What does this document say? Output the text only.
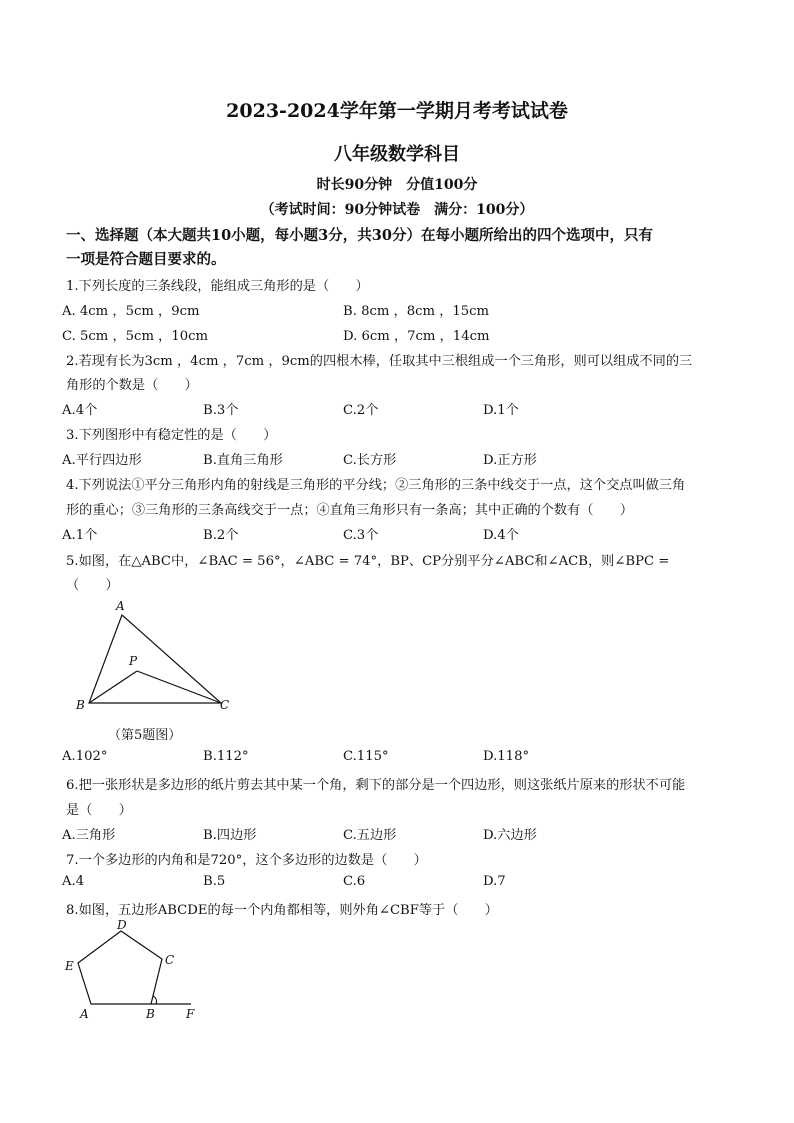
2023-2024学年第一学期月考考试试卷
八年级数学科目
时长90分钟　分值100分
（考试时间：90分钟试卷　满分：100分）
一、选择题（本大题共10小题，每小题3分，共30分）在每小题所给出的四个选项中，只有
一项是符合题目要求的。
1.下列长度的三条线段，能组成三角形的是（　　）
A. 4cm ，5cm ，9cm	B. 8cm ，8cm ，15cm
C. 5cm ，5cm ，10cm	D. 6cm ，7cm ，14cm
2.若现有长为3cm ，4cm ，7cm ，9cm的四根木棒，任取其中三根组成一个三角形，则可以组成不同的三
角形的个数是（　　）
A.4个	B.3个	C.2个	D.1个
3.下列图形中有稳定性的是（　　）
A.平行四边形	B.直角三角形	C.长方形	D.正方形
4.下列说法①平分三角形内角的射线是三角形的平分线；②三角形的三条中线交于一点，这个交点叫做三角
形的重心；③三角形的三条高线交于一点；④直角三角形只有一条高；其中正确的个数有（　　）
A.1个	B.2个	C.3个	D.4个
5.如图，在△ABC中，∠BAC = 56°，∠ABC = 74°，BP、CP分别平分∠ABC和∠ACB，则∠BPC =
（　　）
A
B	C
P
（第5题图）
A.102°	B.112°	C.115°	D.118°
6.把一张形状是多边形的纸片剪去其中某一个角，剩下的部分是一个四边形，则这张纸片原来的形状不可能
是（　　）
A.三角形	B.四边形	C.五边形	D.六边形
7.一个多边形的内角和是720°，这个多边形的边数是（　　）
A.4	B.5	C.6	D.7
8.如图，五边形ABCDE的每一个内角都相等，则外角∠CBF等于（　　）
A	B
C
D
E
F
